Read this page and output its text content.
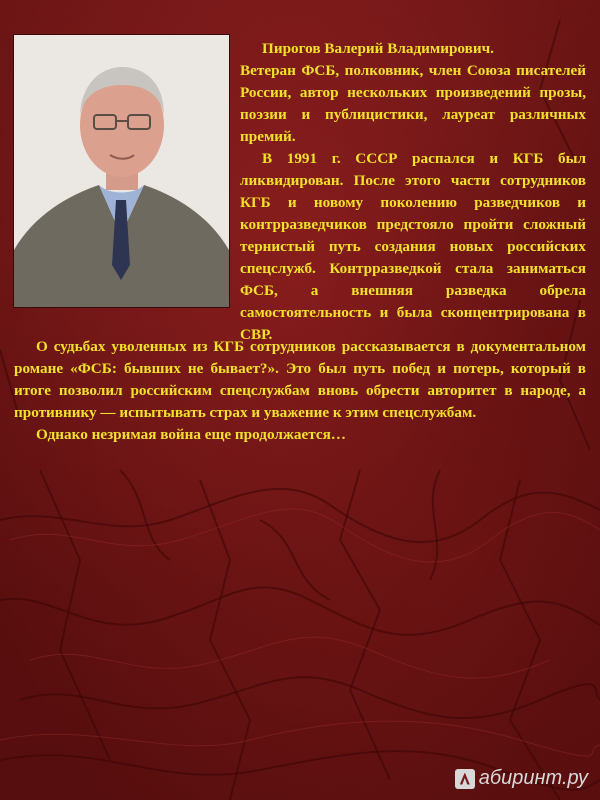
Пирогов Валерий Владимирович.

Ветеран ФСБ, полковник, член Союза писателей России, автор нескольких произведений прозы, поэзии и публицистики, лауреат различных премий.

В 1991 г. СССР распался и КГБ был ликвидирован. После этого части сотрудников КГБ и новому поколению разведчиков и контрразведчиков предстояло пройти сложный тернистый путь создания новых российских спецслужб. Контрразведкой стала заниматься ФСБ, а внешняя разведка обрела самостоятельность и была сконцентрирована в СВР.

О судьбах уволенных из КГБ сотрудников рассказывается в документальном романе «ФСБ: бывших не бывает?». Это был путь побед и потерь, который в итоге позволил российским спецслужбам вновь обрести авторитет в народе, а противнику — испытывать страх и уважение к этим спецслужбам.

Однако незримая война еще продолжается…

абиринт.ру
